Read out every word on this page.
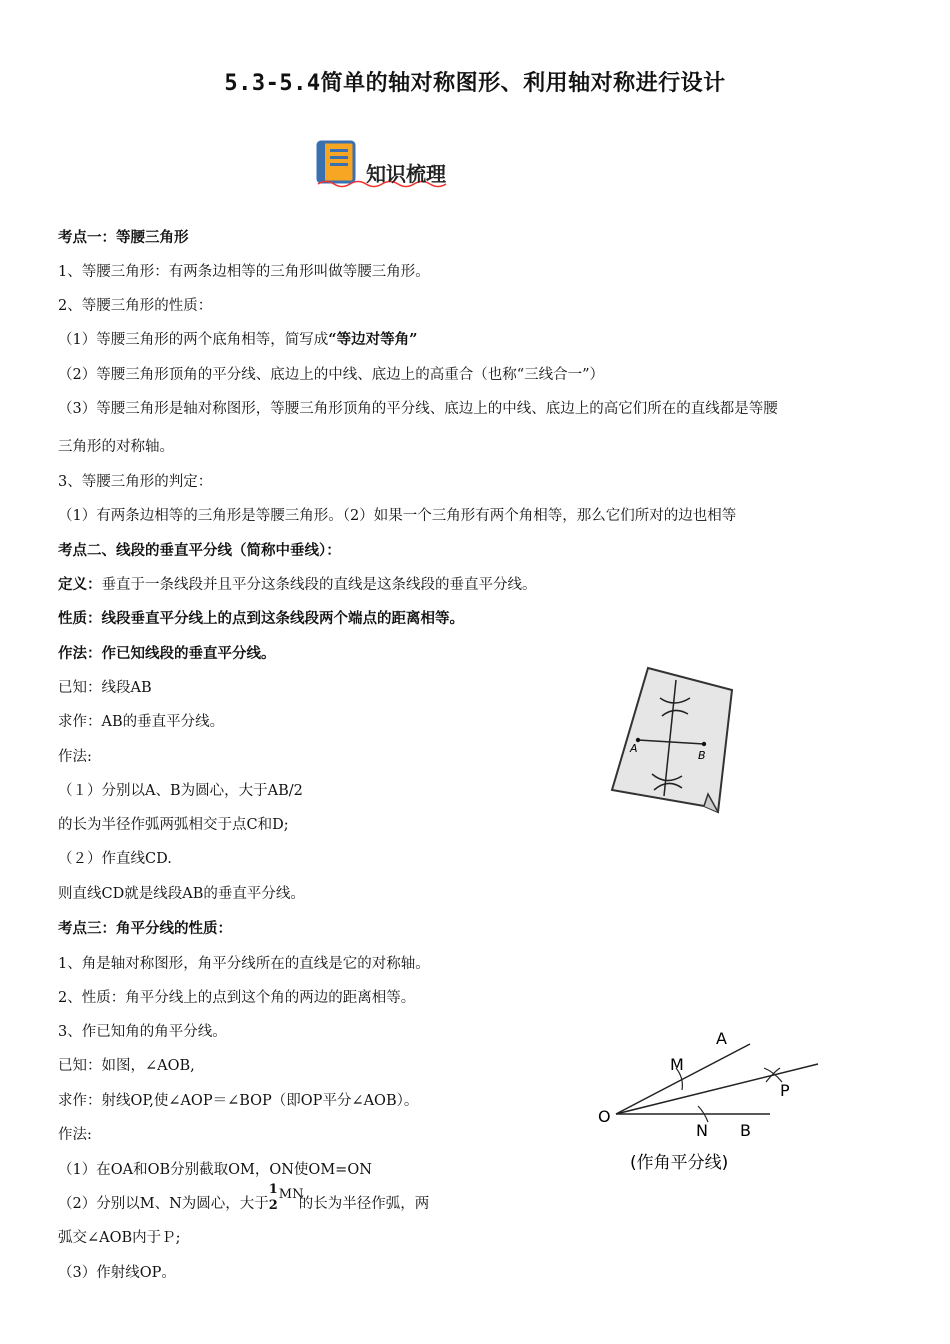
5.3-5.4简单的轴对称图形、利用轴对称进行设计
知识梳理
考点一：等腰三角形
1、等腰三角形：有两条边相等的三角形叫做等腰三角形。
2、等腰三角形的性质：
（1）等腰三角形的两个底角相等，简写成“等边对等角”
（2）等腰三角形顶角的平分线、底边上的中线、底边上的高重合（也称“三线合一”）
（3）等腰三角形是轴对称图形，等腰三角形顶角的平分线、底边上的中线、底边上的高它们所在的直线都是等腰
三角形的对称轴。
3、等腰三角形的判定：
（1）有两条边相等的三角形是等腰三角形。（2）如果一个三角形有两个角相等，那么它们所对的边也相等
考点二、线段的垂直平分线（简称中垂线）：
定义：垂直于一条线段并且平分这条线段的直线是这条线段的垂直平分线。
性质：线段垂直平分线上的点到这条线段两个端点的距离相等。
作法：作已知线段的垂直平分线。
已知：线段AB
求作：AB的垂直平分线。
作法:
（１）分别以A、B为圆心，大于AB/2
的长为半径作弧两弧相交于点C和D;
（２）作直线CD.
则直线CD就是线段AB的垂直平分线。
A
B
考点三：角平分线的性质：
1、角是轴对称图形，角平分线所在的直线是它的对称轴。
2、性质：角平分线上的点到这个角的两边的距离相等。
3、作已知角的角平分线。
已知：如图，∠AOB,
求作：射线OP,使∠AOP＝∠BOP（即OP平分∠AOB）。
作法:
（1）在OA和OB分别截取OM，ON使OM=ON
（2）分别以M、N为圆心，大于
1
2
MN
的长为半径作弧，两
弧交∠AOB内于Ｐ;
（3）作射线OP。
O
A
M
P
N B
(作角平分线)
